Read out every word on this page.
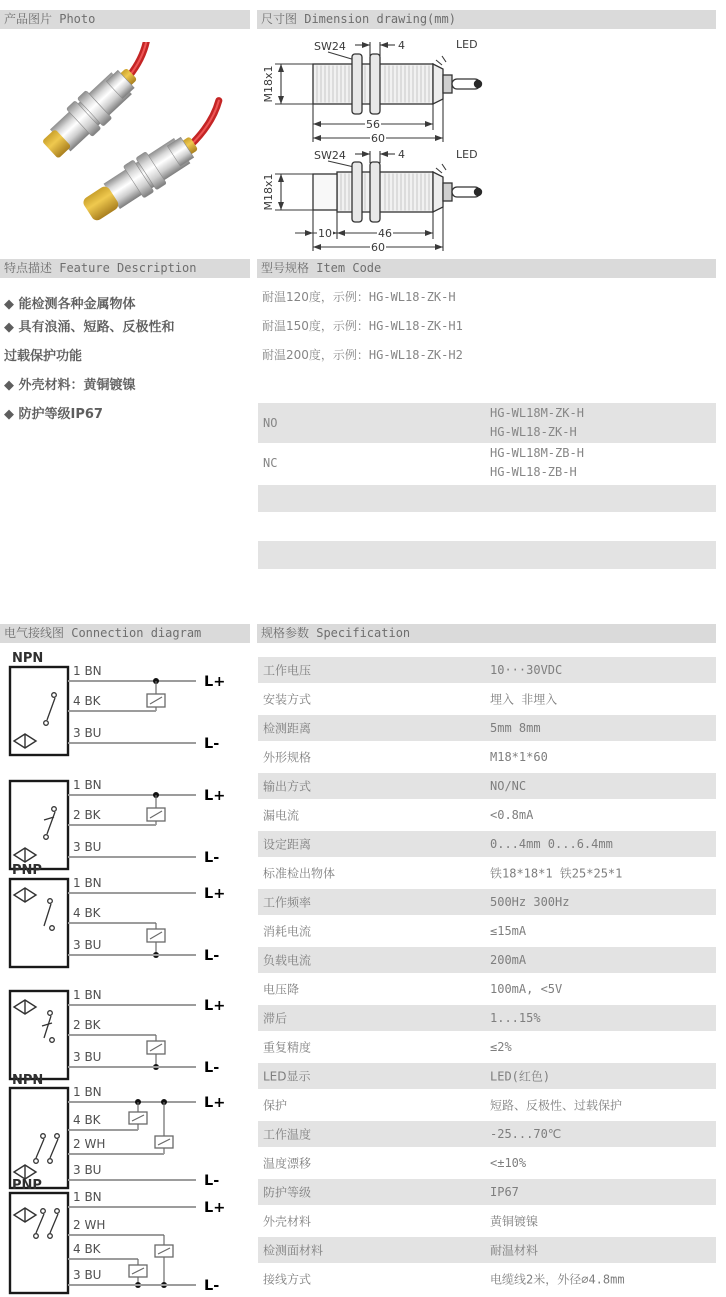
产品图片 Photo	尺寸图 Dimension drawing(mm)
特点描述 Feature Description	型号规格 Item Code
电气接线图 Connection diagram	规格参数 Specification
SW24	4	LED
M18x1
56
60
SW24	4	LED
M18x1
10	46
60
◆ 能检测各种金属物体
◆ 具有浪涌、短路、反极性和
过载保护功能
◆ 外壳材料：黄铜镀镍
◆ 防护等级IP67
耐温120度，示例：HG-WL18-ZK-H
耐温150度，示例：HG-WL18-ZK-H1
耐温200度，示例：HG-WL18-ZK-H2
NO
HG-WL18M-ZK-H
HG-WL18-ZK-H
NC
HG-WL18M-ZB-H
HG-WL18-ZB-H
NPN
1 BN
L+
4 BK
3 BU
L-
1 BN
L+
2 BK
3 BU
L-
PNP
1 BN
L+
4 BK
3 BU
L-
1 BN
L+
2 BK
3 BU
L-
NPN
1 BN
L+
4 BK
2 WH
3 BU
L-
PNP
1 BN
L+
2 WH
4 BK
3 BU
L-
工作电压	10···30VDC
安装方式	埋入 非埋入
检测距离	5mm 8mm
外形规格	M18*1*60
输出方式	NO/NC
漏电流	<0.8mA
设定距离	0...4mm 0...6.4mm
标准检出物体	铁18*18*1 铁25*25*1
工作频率	500Hz 300Hz
消耗电流	≤15mA
负载电流	200mA
电压降	100mA, <5V
滞后	1...15%
重复精度	≤2%
LED显示	LED(红色)
保护	短路、反极性、过载保护
工作温度	-25...70℃
温度漂移	<±10%
防护等级	IP67
外壳材料	黄铜镀镍
检测面材料	耐温材料
接线方式	电缆线2米，外径∅4.8mm
